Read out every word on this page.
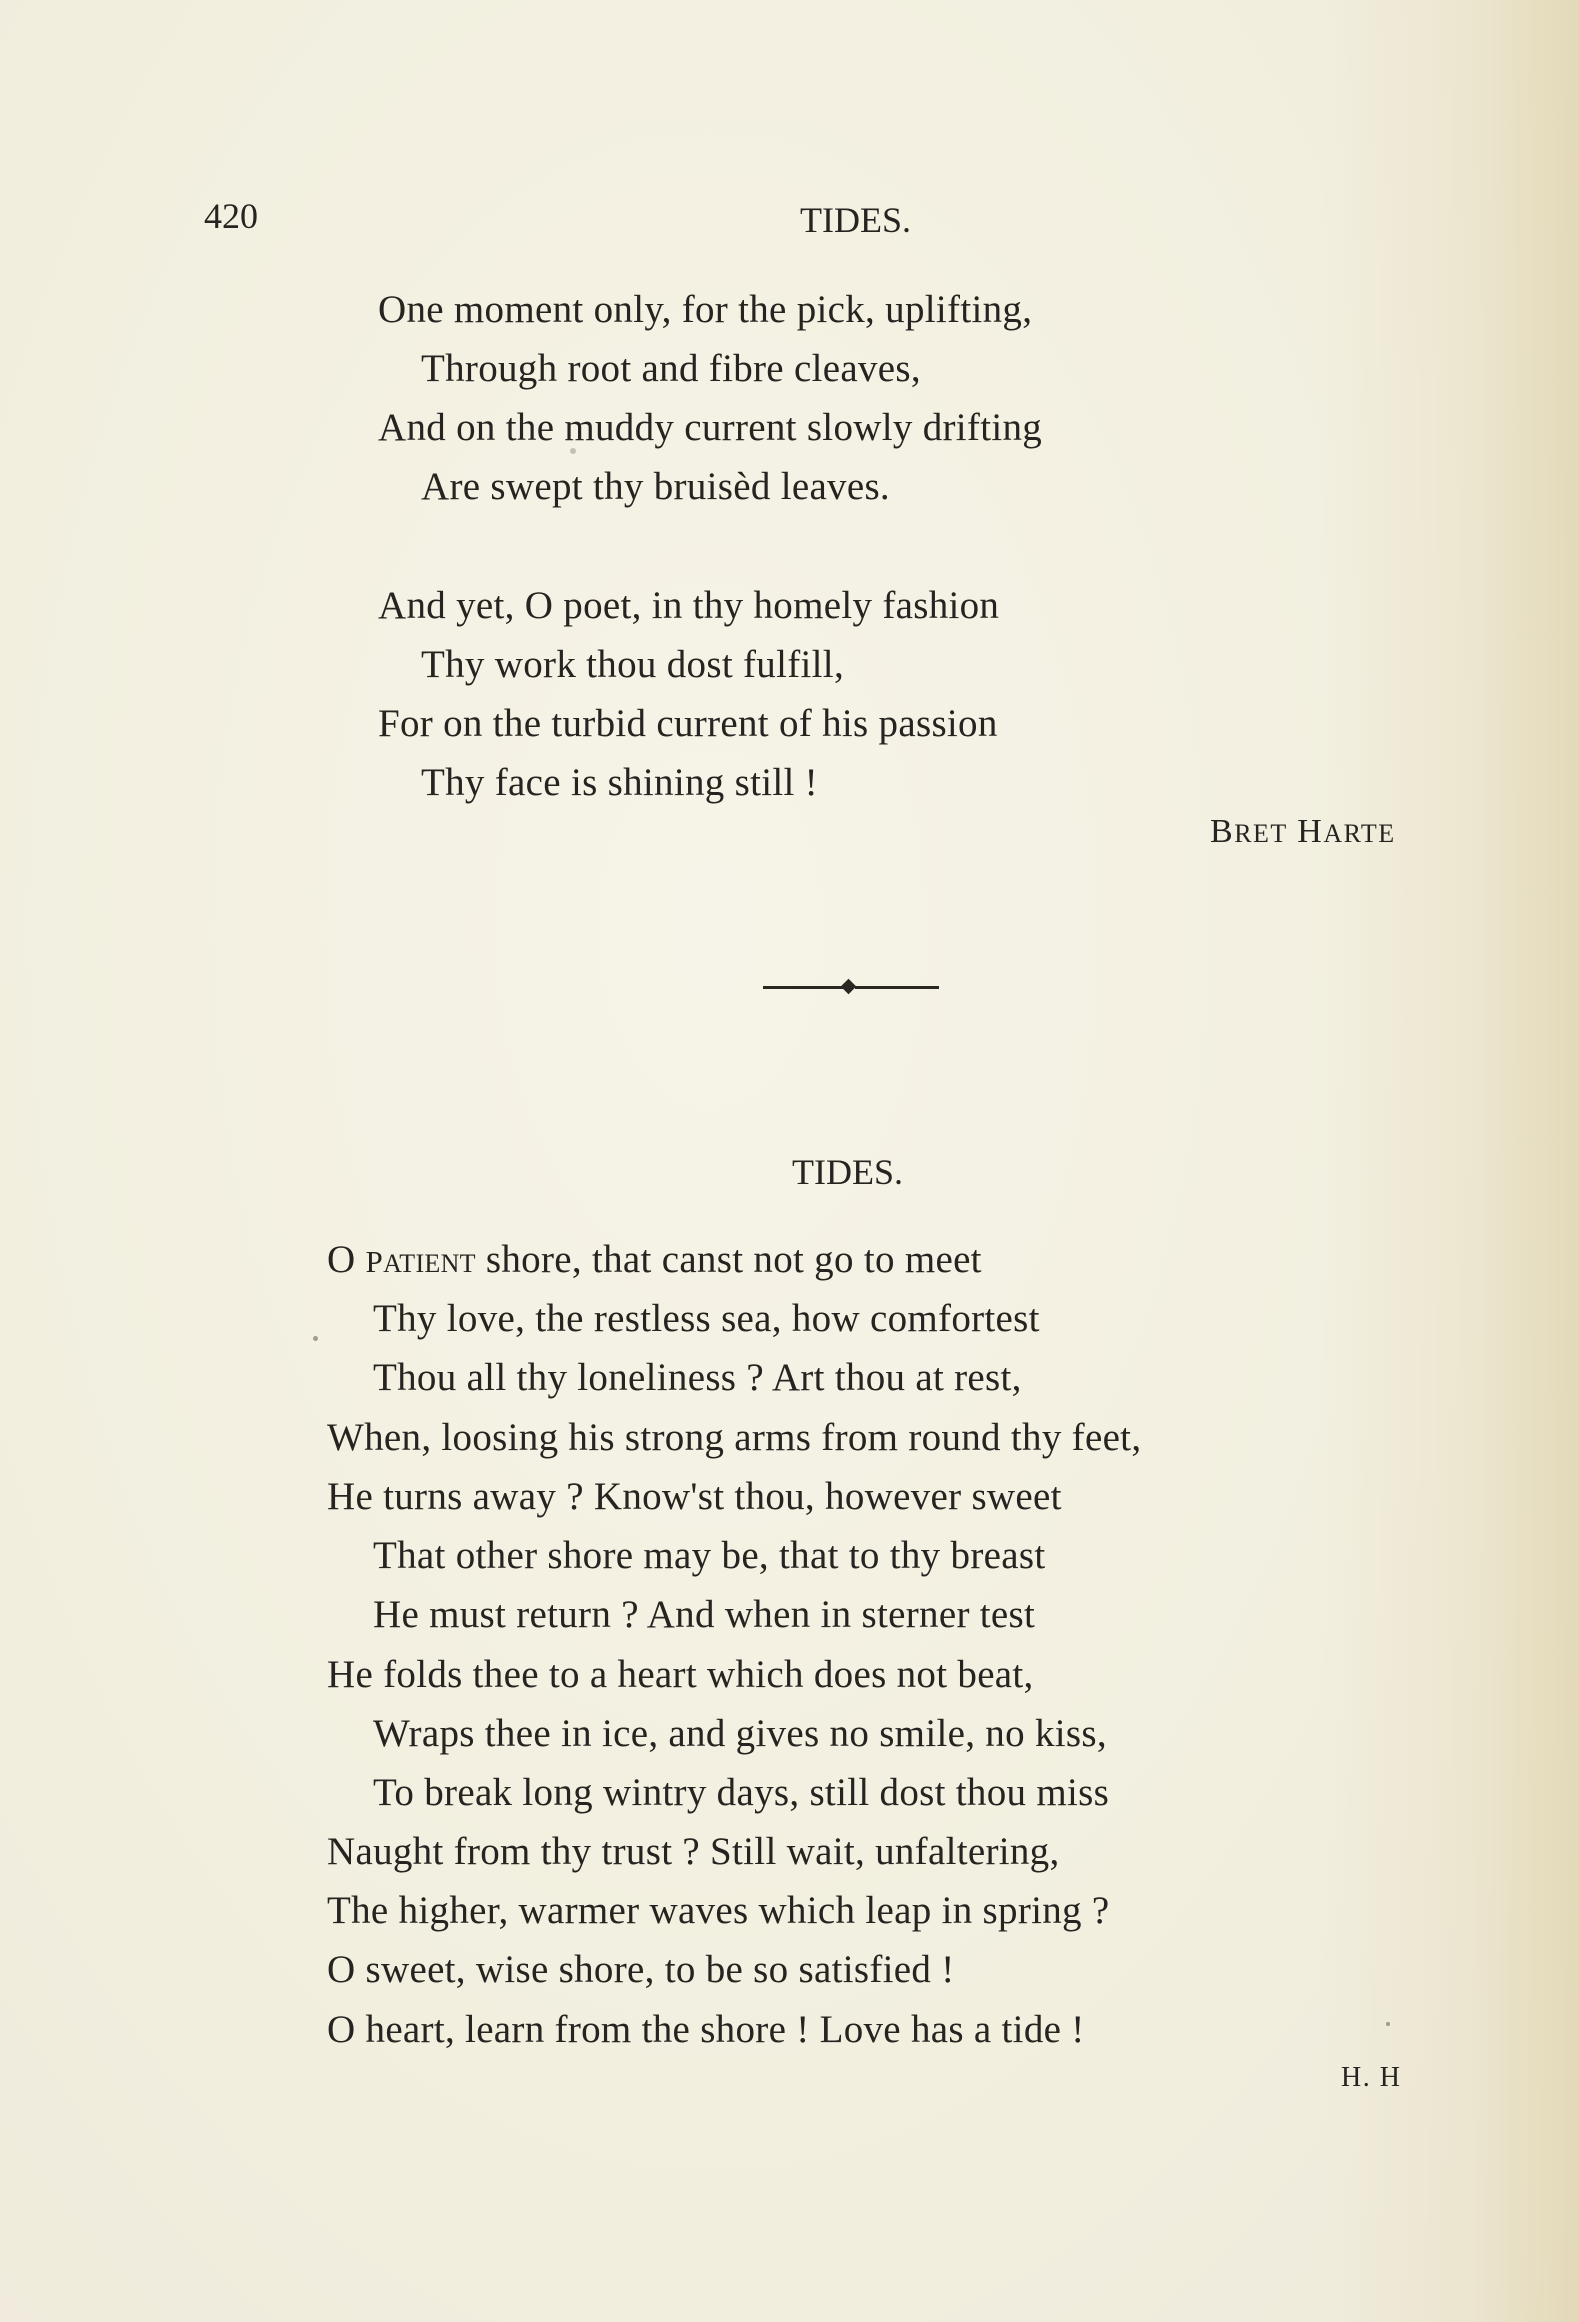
420	TIDES.
One moment only, for the pick, uplifting,
Through root and fibre cleaves,
And on the muddy current slowly drifting
Are swept thy bruisèd leaves.
And yet, O poet, in thy homely fashion
Thy work thou dost fulfill,
For on the turbid current of his passion
Thy face is shining still !
BRET HARTE
TIDES.
O PATIENT shore, that canst not go to meet
Thy love, the restless sea, how comfortest
Thou all thy loneliness ? Art thou at rest,
When, loosing his strong arms from round thy feet,
He turns away ? Know'st thou, however sweet
That other shore may be, that to thy breast
He must return ? And when in sterner test
He folds thee to a heart which does not beat,
Wraps thee in ice, and gives no smile, no kiss,
To break long wintry days, still dost thou miss
Naught from thy trust ? Still wait, unfaltering,
The higher, warmer waves which leap in spring ?
O sweet, wise shore, to be so satisfied !
O heart, learn from the shore ! Love has a tide !
H. H
